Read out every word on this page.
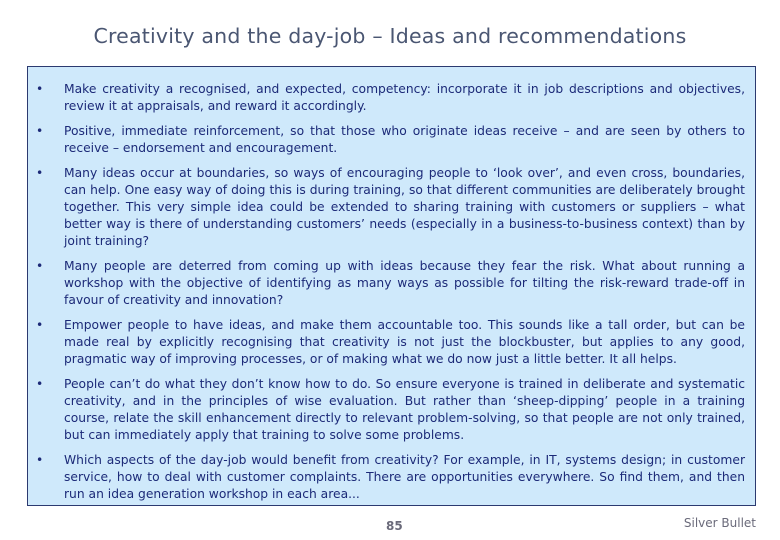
Creativity and the day-job – Ideas and recommendations
• Make creativity a recognised, and expected, competency: incorporate it in job descriptions and objectives, review it at appraisals, and reward it accordingly.
• Positive, immediate reinforcement, so that those who originate ideas receive – and are seen by others to receive – endorsement and encouragement.
• Many ideas occur at boundaries, so ways of encouraging people to ‘look over’, and even cross, boundaries, can help. One easy way of doing this is during training, so that different communities are deliberately brought together. This very simple idea could be extended to sharing training with customers or suppliers – what better way is there of understanding customers’ needs (especially in a business-to-business context) than by joint training?
• Many people are deterred from coming up with ideas because they fear the risk. What about running a workshop with the objective of identifying as many ways as possible for tilting the risk-reward trade-off in favour of creativity and innovation?
• Empower people to have ideas, and make them accountable too. This sounds like a tall order, but can be made real by explicitly recognising that creativity is not just the blockbuster, but applies to any good, pragmatic way of improving processes, or of making what we do now just a little better. It all helps.
• People can’t do what they don’t know how to do. So ensure everyone is trained in deliberate and systematic creativity, and in the principles of wise evaluation. But rather than ‘sheep-dipping’ people in a training course, relate the skill enhancement directly to relevant problem-solving, so that people are not only trained, but can immediately apply that training to solve some problems.
• Which aspects of the day-job would benefit from creativity? For example, in IT, systems design; in customer service, how to deal with customer complaints. There are opportunities everywhere. So find them, and then run an idea generation workshop in each area...
85	Silver Bullet
